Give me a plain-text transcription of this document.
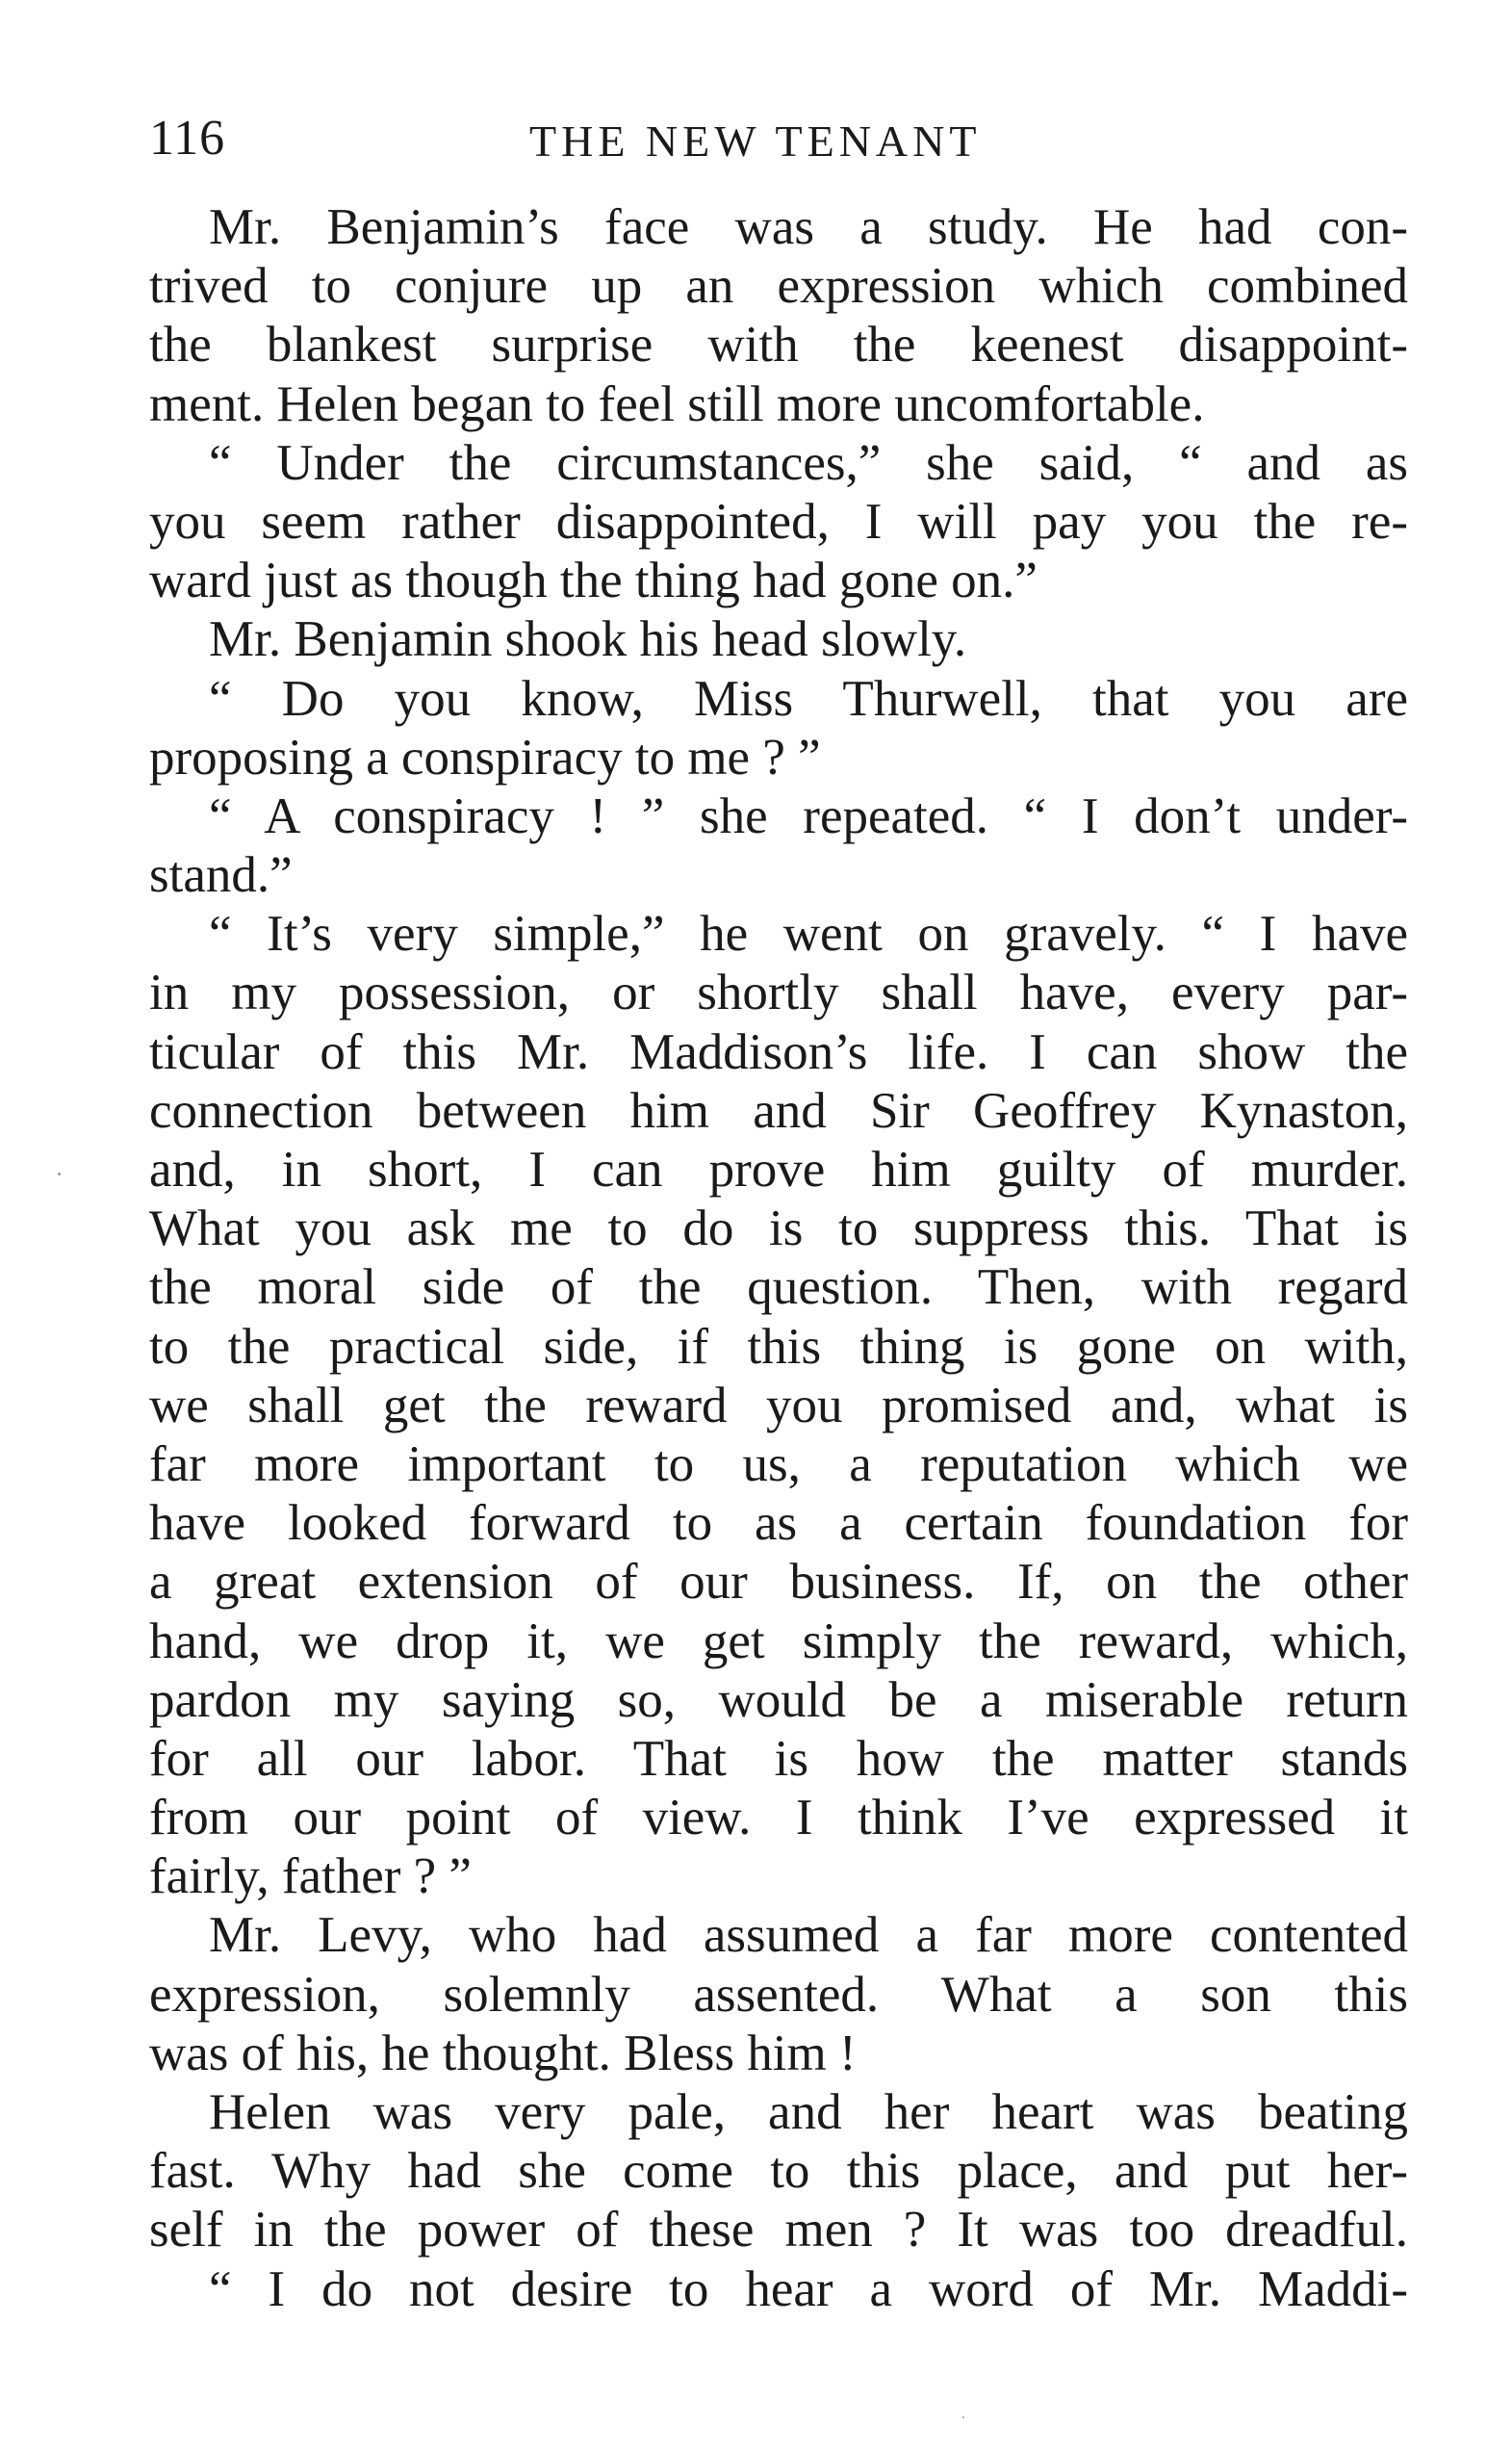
116	THE NEW TENANT
Mr. Benjamin’s face was a study. He had con-
trived to conjure up an expression which combined
the blankest surprise with the keenest disappoint-
ment. Helen began to feel still more uncomfortable.
“ Under the circumstances,” she said, “ and as
you seem rather disappointed, I will pay you the re-
ward just as though the thing had gone on.”
Mr. Benjamin shook his head slowly.
“ Do you know, Miss Thurwell, that you are
proposing a conspiracy to me ? ”
“ A conspiracy ! ” she repeated. “ I don’t under-
stand.”
“ It’s very simple,” he went on gravely. “ I have
in my possession, or shortly shall have, every par-
ticular of this Mr. Maddison’s life. I can show the
connection between him and Sir Geoffrey Kynaston,
and, in short, I can prove him guilty of murder.
What you ask me to do is to suppress this. That is
the moral side of the question. Then, with regard
to the practical side, if this thing is gone on with,
we shall get the reward you promised and, what is
far more important to us, a reputation which we
have looked forward to as a certain foundation for
a great extension of our business. If, on the other
hand, we drop it, we get simply the reward, which,
pardon my saying so, would be a miserable return
for all our labor. That is how the matter stands
from our point of view. I think I’ve expressed it
fairly, father ? ”
Mr. Levy, who had assumed a far more contented
expression, solemnly assented. What a son this
was of his, he thought. Bless him !
Helen was very pale, and her heart was beating
fast. Why had she come to this place, and put her-
self in the power of these men ? It was too dreadful.
“ I do not desire to hear a word of Mr. Maddi-
